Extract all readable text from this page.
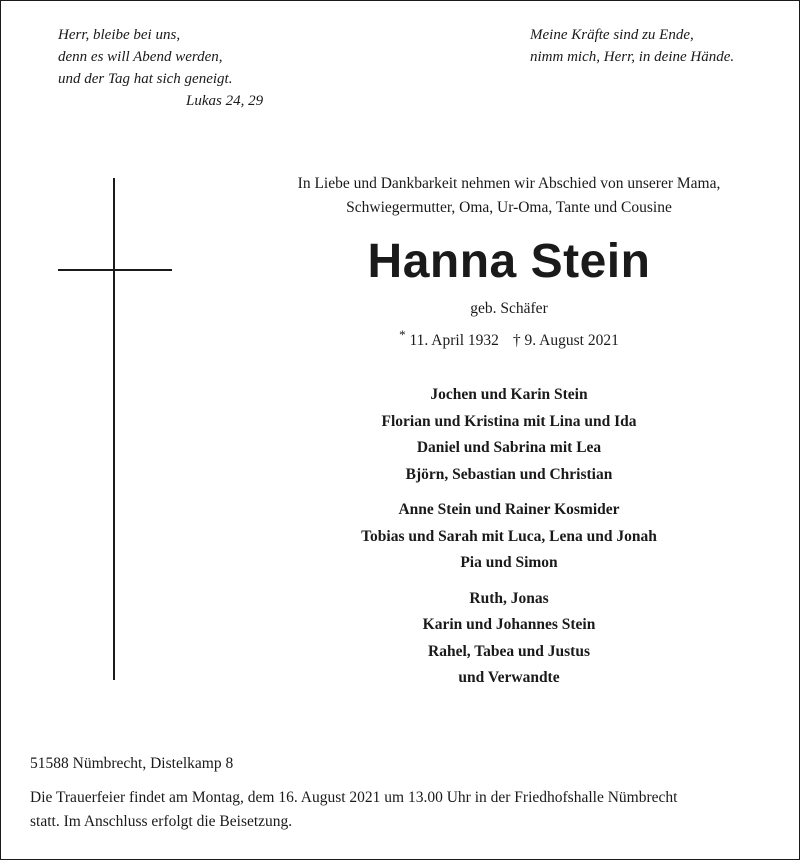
Herr, bleibe bei uns,
denn es will Abend werden,
und der Tag hat sich geneigt.
Lukas 24, 29
Meine Kräfte sind zu Ende,
nimm mich, Herr, in deine Hände.
In Liebe und Dankbarkeit nehmen wir Abschied von unserer Mama,
Schwiegermutter, Oma, Ur-Oma, Tante und Cousine
Hanna Stein
geb. Schäfer
* 11. April 1932 † 9. August 2021
Jochen und Karin Stein
Florian und Kristina mit Lina und Ida
Daniel und Sabrina mit Lea
Björn, Sebastian und Christian
Anne Stein und Rainer Kosmider
Tobias und Sarah mit Luca, Lena und Jonah
Pia und Simon
Ruth, Jonas
Karin und Johannes Stein
Rahel, Tabea und Justus
und Verwandte
51588 Nümbrecht, Distelkamp 8
Die Trauerfeier findet am Montag, dem 16. August 2021 um 13.00 Uhr in der Friedhofshalle Nümbrecht
statt. Im Anschluss erfolgt die Beisetzung.
